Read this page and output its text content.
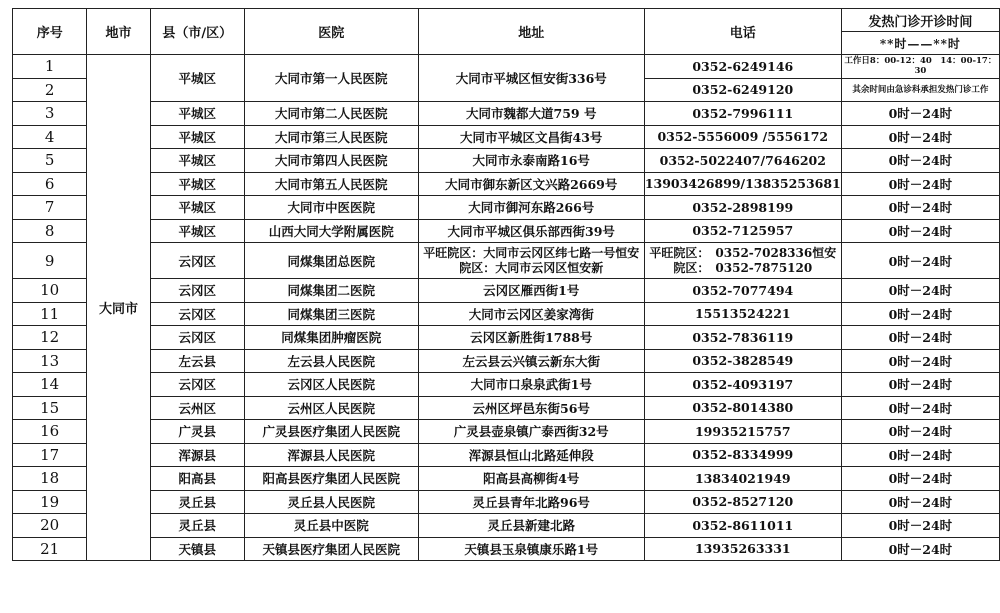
序号	地市	县（市/区）	医院	地址	电话	发热门诊开诊时间
						**时——**时
1	大同市	平城区	大同市第一人民医院	大同市平城区恒安街336号	0352-6249146	工作日8：00-12：40　14：00-17：30
2					0352-6249120	其余时间由急诊科承担发热门诊工作
3		平城区	大同市第二人民医院	大同市魏都大道759 号	0352-7996111	0时－24时
4		平城区	大同市第三人民医院	大同市平城区文昌街43号	0352-5556009 /5556172	0时－24时
5		平城区	大同市第四人民医院	大同市永泰南路16号	0352-5022407/7646202	0时－24时
6		平城区	大同市第五人民医院	大同市御东新区文兴路2669号	13903426899/13835253681	0时－24时
7		平城区	大同市中医医院	大同市御河东路266号	0352-2898199	0时－24时
8		平城区	山西大同大学附属医院	大同市平城区俱乐部西街39号	0352-7125957	0时－24时
9		云冈区	同煤集团总医院	平旺院区：大同市云冈区纬七路一号恒安院区：大同市云冈区恒安新	平旺院区：　0352-7028336恒安院区：　0352-7875120	0时－24时
10		云冈区	同煤集团二医院	云冈区雁西街1号	0352-7077494	0时－24时
11		云冈区	同煤集团三医院	大同市云冈区姜家湾街	15513524221	0时－24时
12		云冈区	同煤集团肿瘤医院	云冈区新胜街1788号	0352-7836119	0时－24时
13		左云县	左云县人民医院	左云县云兴镇云新东大街	0352-3828549	0时－24时
14		云冈区	云冈区人民医院	大同市口泉泉武街1号	0352-4093197	0时－24时
15		云州区	云州区人民医院	云州区坪邑东街56号	0352-8014380	0时－24时
16		广灵县	广灵县医疗集团人民医院	广灵县壶泉镇广泰西街32号	19935215757	0时－24时
17		浑源县	浑源县人民医院	浑源县恒山北路延伸段	0352-8334999	0时－24时
18		阳高县	阳高县医疗集团人民医院	阳高县高柳街4号	13834021949	0时－24时
19		灵丘县	灵丘县人民医院	灵丘县青年北路96号	0352-8527120	0时－24时
20		灵丘县	灵丘县中医院	灵丘县新建北路	0352-8611011	0时－24时
21		天镇县	天镇县医疗集团人民医院	天镇县玉泉镇康乐路1号	13935263331	0时－24时
